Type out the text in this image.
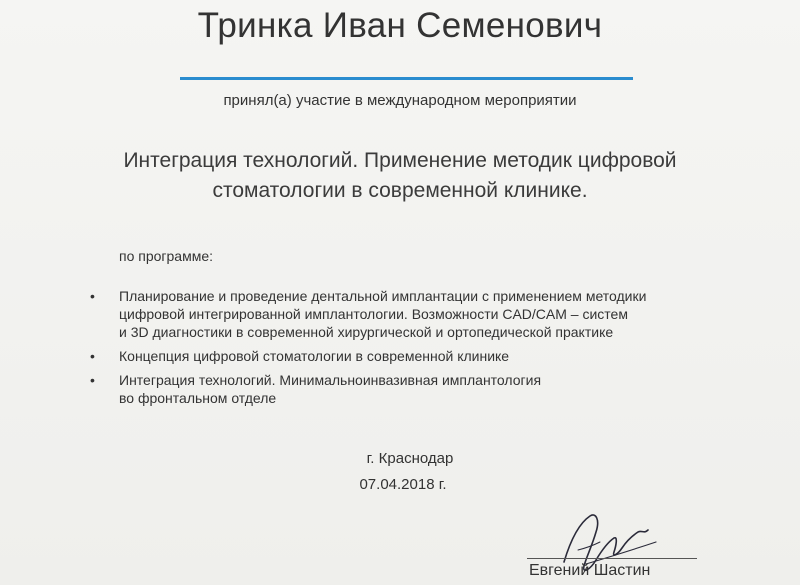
Тринка Иван Семенович
принял(а) участие в международном мероприятии
Интеграция технологий. Применение методик цифровой
стоматологии в современной клинике.
по программе:
• Планирование и проведение дентальной имплантации с применением методики
цифровой интегрированной имплантологии. Возможности CAD/CAM – систем
и 3D диагностики в современной хирургической и ортопедической практике
• Концепция цифровой стоматологии в современной клинике
• Интеграция технологий. Минимальноинвазивная имплантология
во фронтальном отделе
г. Краснодар
07.04.2018 г.
Евгений Шастин
